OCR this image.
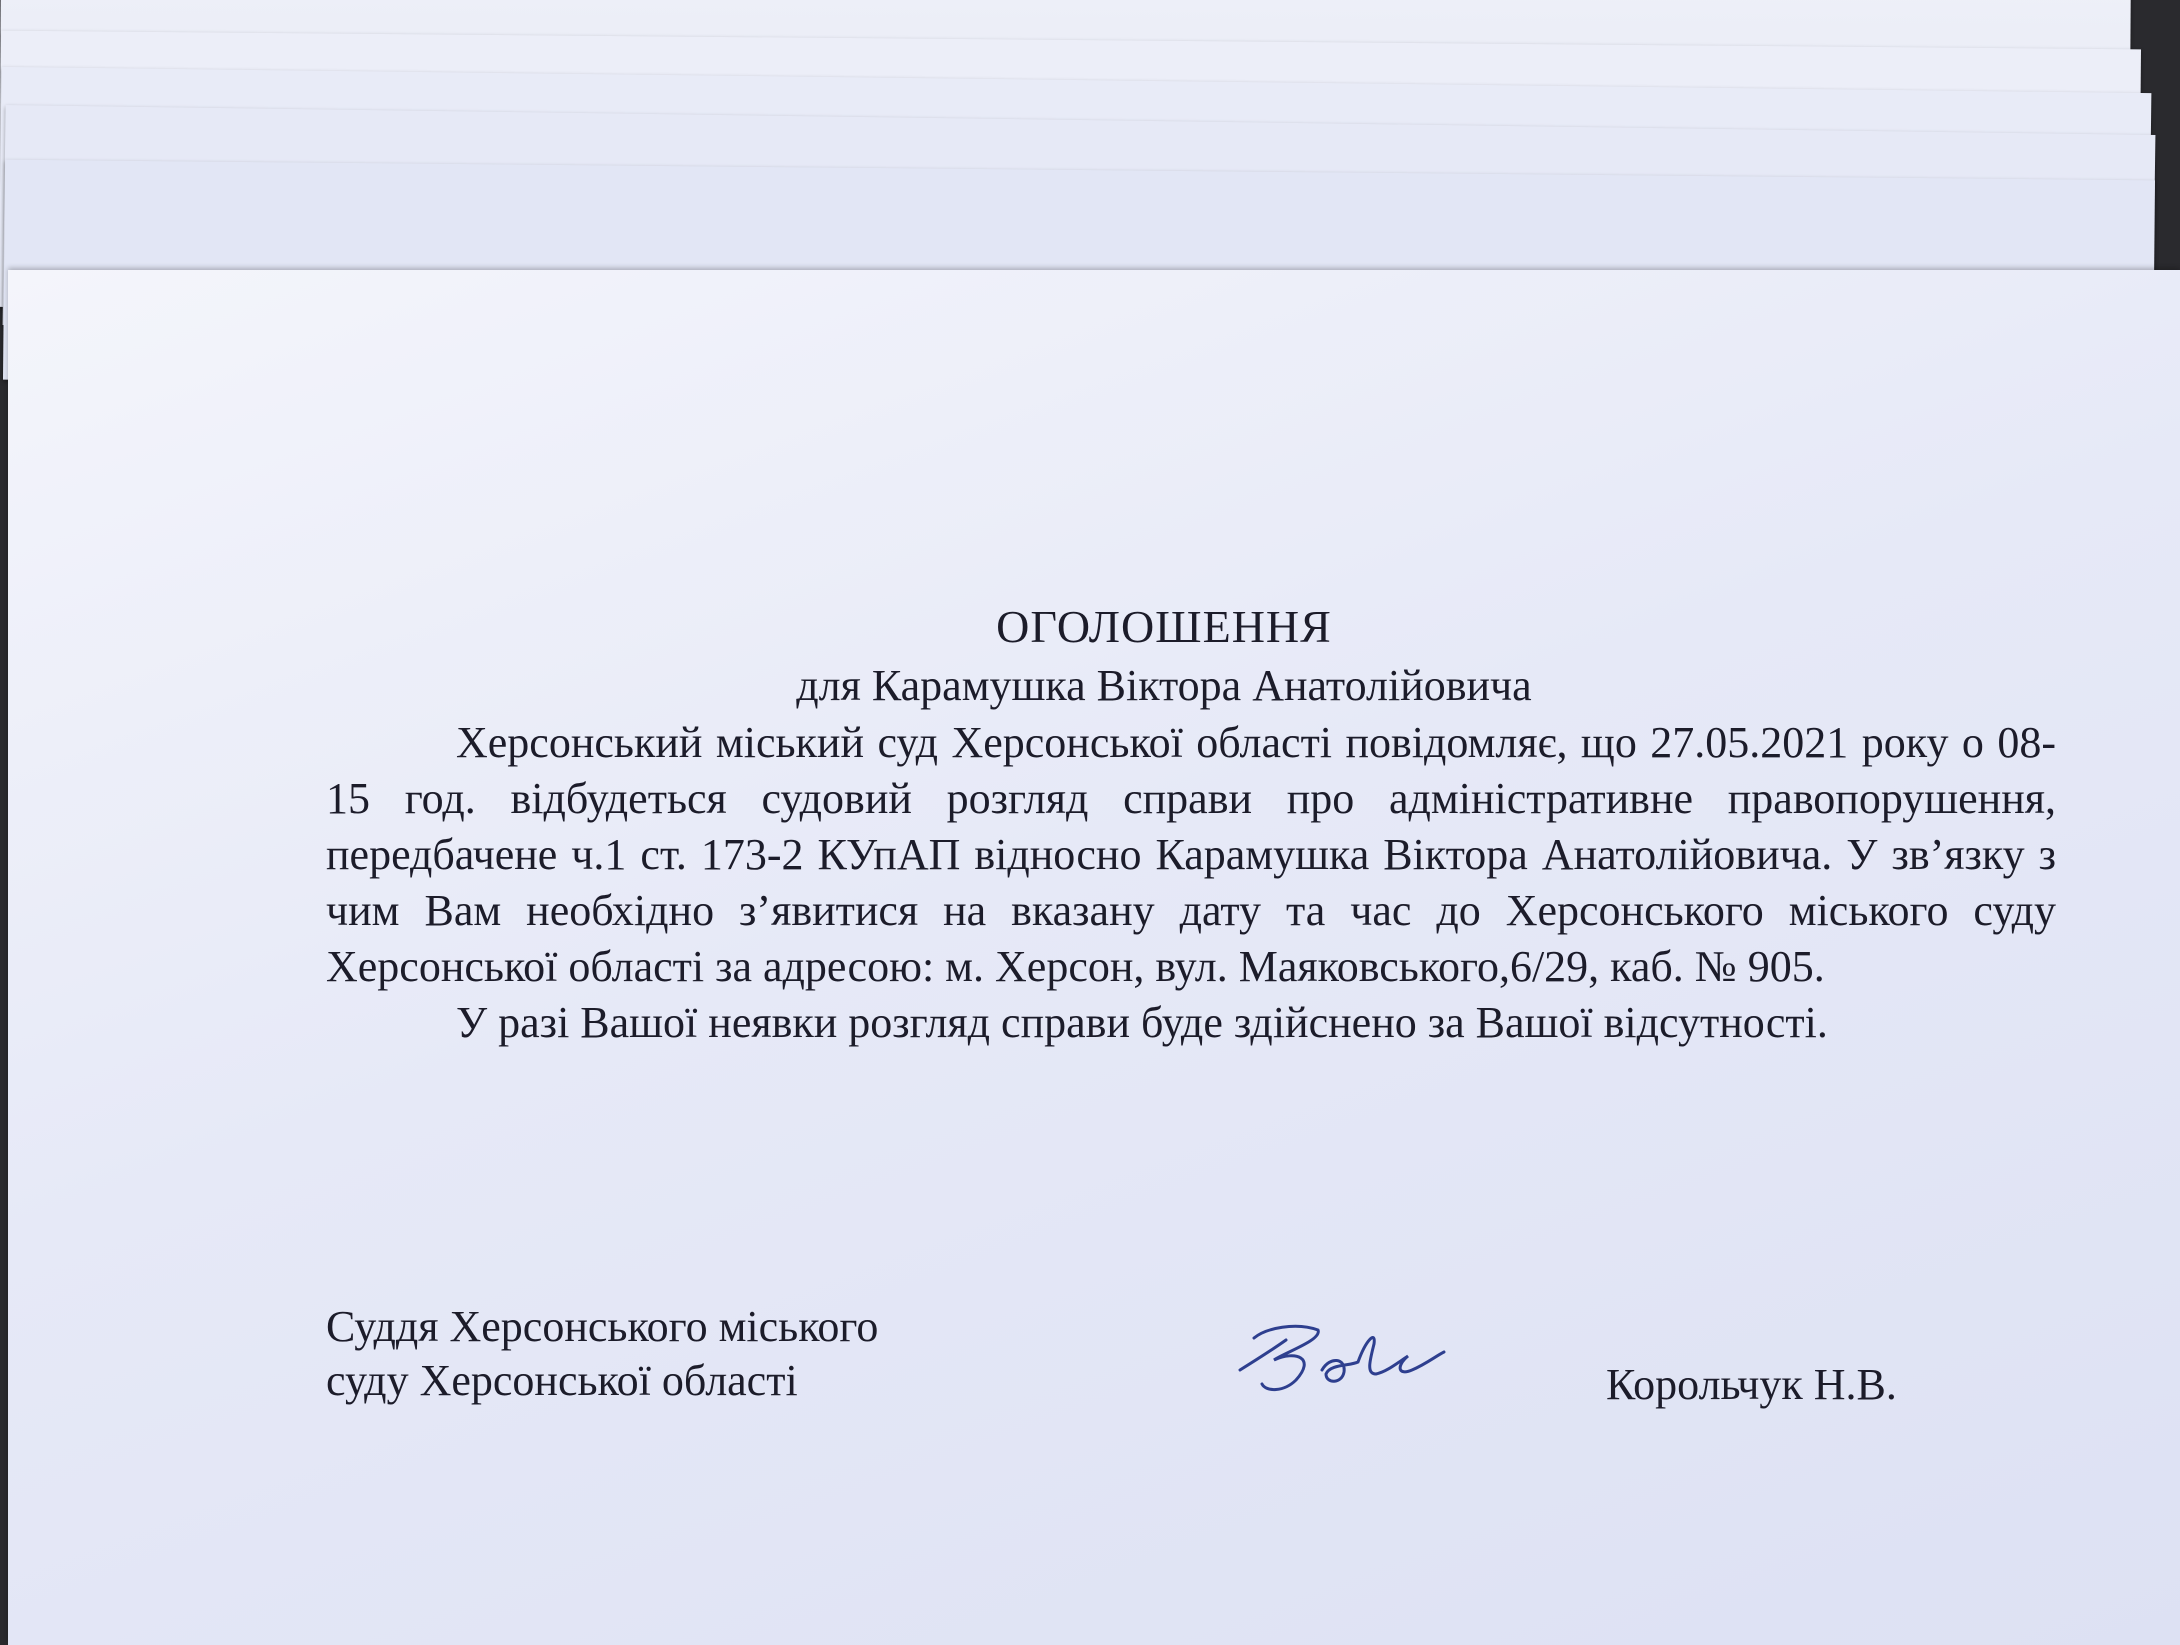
ОГОЛОШЕННЯ
для Карамушка Віктора Анатолійовича

Херсонський міський суд Херсонської області повідомляє, що 27.05.2021 року о 08-15 год. відбудеться судовий розгляд справи про адміністративне правопорушення, передбачене ч.1 ст. 173-2 КУпАП відносно Карамушка Віктора Анатолійовича. У зв’язку з чим Вам необхідно з’явитися на вказану дату та час до Херсонського міського суду Херсонської області за адресою: м. Херсон, вул. Маяковського,6/29, каб. № 905.

У разі Вашої неявки розгляд справи буде здійснено за Вашої відсутності.

Суддя Херсонського міського
суду Херсонської області	Корольчук Н.В.
